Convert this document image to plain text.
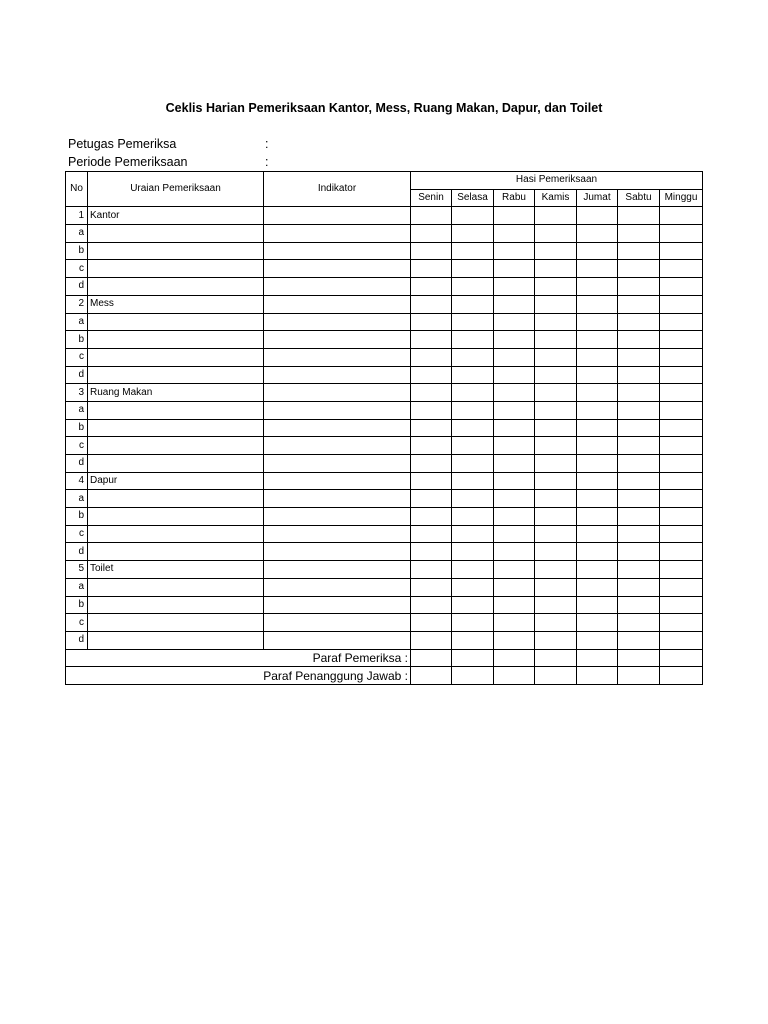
Ceklis Harian Pemeriksaan Kantor, Mess, Ruang Makan, Dapur, dan Toilet
Petugas Pemeriksa	:
Periode Pemeriksaan	:
No	Uraian Pemeriksaan	Indikator	Hasi Pemeriksaan						
			Senin	Selasa	Rabu	Kamis	Jumat	Sabtu	Minggu
1	Kantor								
a									
b									
c									
d									
2	Mess								
a									
b									
c									
d									
3	Ruang Makan								
a									
b									
c									
d									
4	Dapur								
a									
b									
c									
d									
5	Toilet								
a									
b									
c									
d									
Paraf Pemeriksa :									
Paraf Penanggung Jawab :									
